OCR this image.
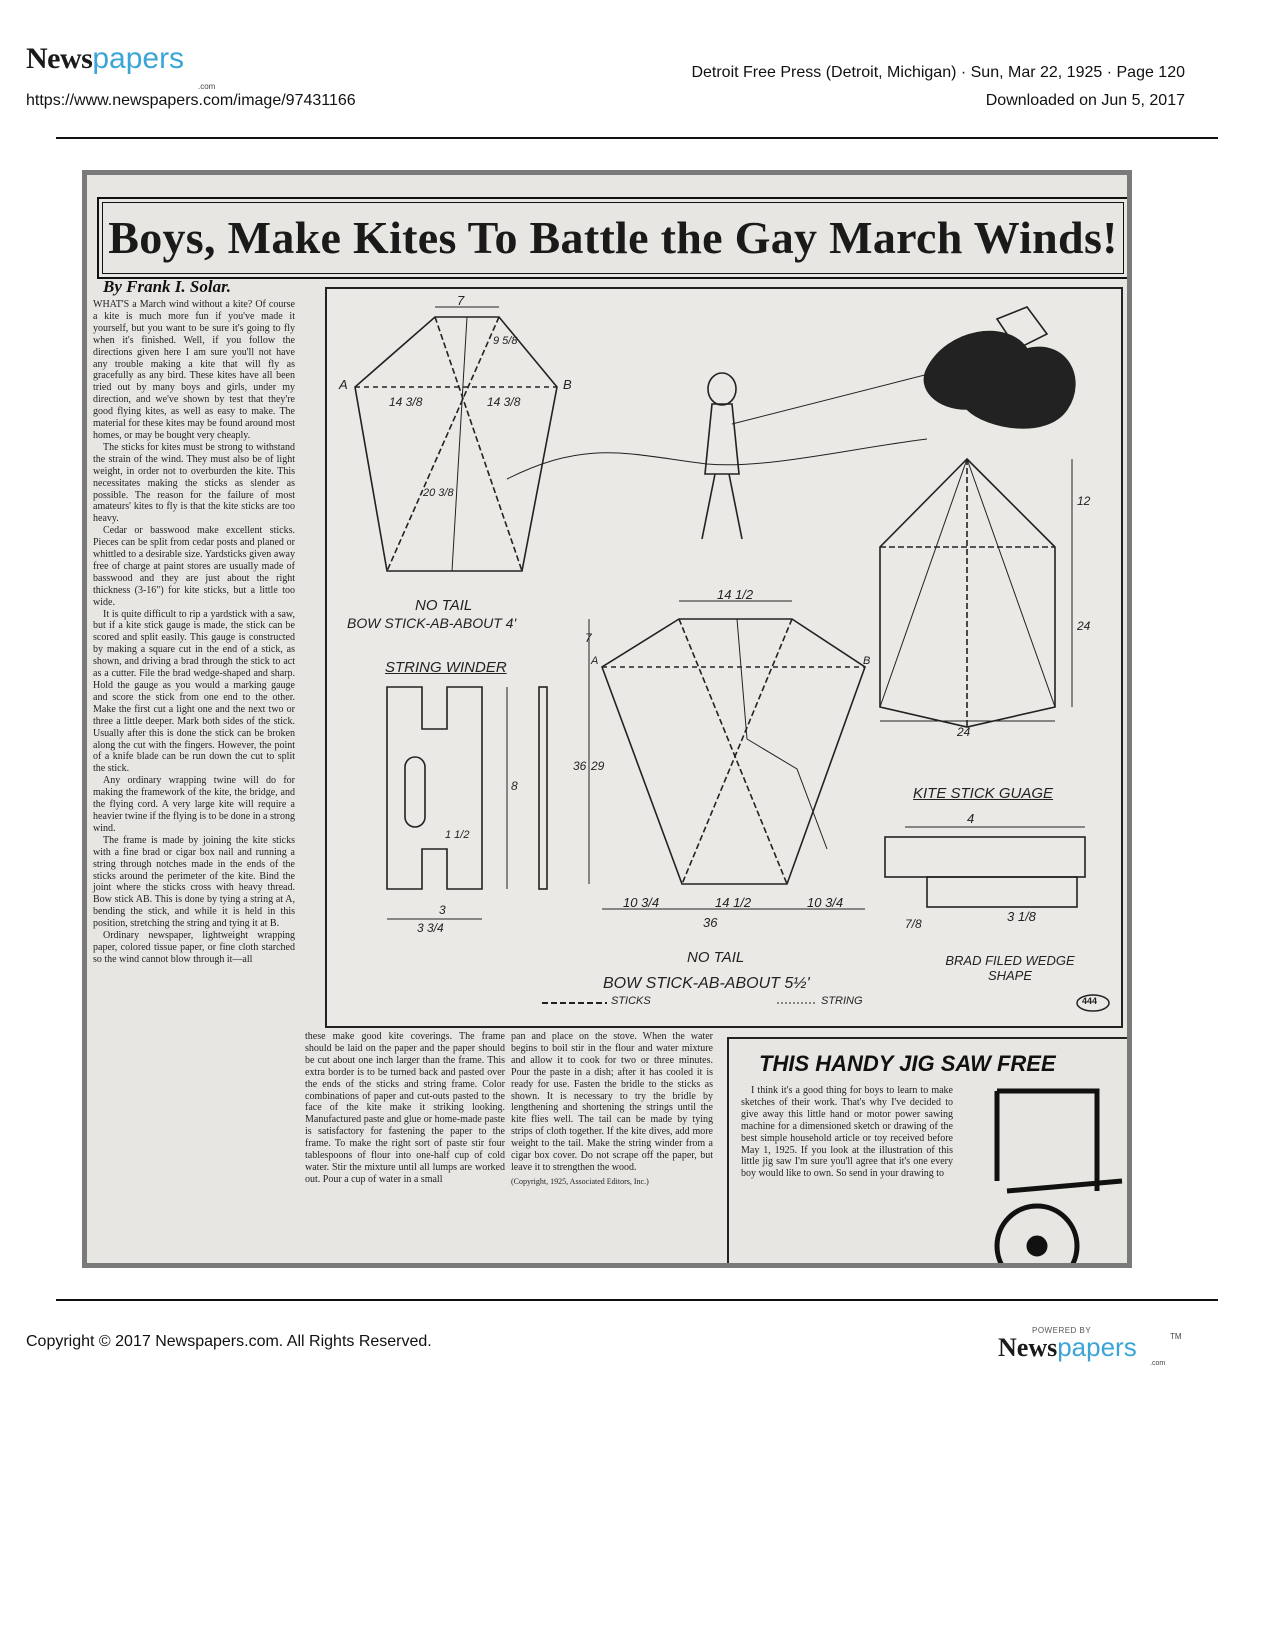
Newspapers
.com
https://www.newspapers.com/image/97431166
Detroit Free Press (Detroit, Michigan) · Sun, Mar 22, 1925 · Page 120
Downloaded on Jun 5, 2017
Boys, Make Kites To Battle the Gay March Winds!
By Frank I. Solar.

WHAT'S a March wind without a kite? Of course a kite is much more fun if you've made it yourself, but you want to be sure it's going to fly when it's finished. Well, if you follow the directions given here I am sure you'll not have any trouble making a kite that will fly as gracefully as any bird. These kites have all been tried out by many boys and girls, under my direction, and we've shown by test that they're good flying kites, as well as easy to make. The material for these kites may be found around most homes, or may be bought very cheaply.

The sticks for kites must be strong to withstand the strain of the wind. They must also be of light weight, in order not to overburden the kite. This necessitates making the sticks as slender as possible. The reason for the failure of most amateurs' kites to fly is that the kite sticks are too heavy.

Cedar or basswood make excellent sticks. Pieces can be split from cedar posts and planed or whittled to a desirable size. Yardsticks given away free of charge at paint stores are usually made of basswood and they are just about the right thickness (3-16") for kite sticks, but a little too wide.

It is quite difficult to rip a yardstick with a saw, but if a kite stick gauge is made, the stick can be scored and split easily. This gauge is constructed by making a square cut in the end of a stick, as shown, and driving a brad through the stick to act as a cutter. File the brad wedge-shaped and sharp. Hold the gauge as you would a marking gauge and score the stick from one end to the other. Make the first cut a light one and the next two or three a little deeper. Mark both sides of the stick. Usually after this is done the stick can be broken along the cut with the fingers. However, the point of a knife blade can be run down the cut to split the stick.

Any ordinary wrapping twine will do for making the framework of the kite, the bridge, and the flying cord. A very large kite will require a heavier twine if the flying is to be done in a strong wind.

The frame is made by joining the kite sticks with a fine brad or cigar box nail and running a string through notches made in the ends of the sticks around the perimeter of the kite. Bind the joint where the sticks cross with heavy thread. Bow stick AB. This is done by tying a string at A, bending the stick, and while it is held in this position, stretching the string and tying it at B.

Ordinary newspaper, lightweight wrapping paper, colored tissue paper, or fine cloth starched so the wind cannot blow through it—all

7
A	B
14 3/8	14 3/8
9 5/8
20 3/8
NO TAIL
BOW STICK-AB-ABOUT 4'
STRING WINDER
8
3 3/4
3
1 1/2
14 1/2
7
29
36
A	B
10 3/4	14 1/2	10 3/4
36
NO TAIL
BOW STICK-AB-ABOUT 5½'
12
24
24
KITE STICK GUAGE
4
3 1/8
7/8
BRAD FILED WEDGE SHAPE
STICKS	STRING	444

these make good kite coverings. The frame should be laid on the paper and the paper should be cut about one inch larger than the frame. This extra border is to be turned back and pasted over the ends of the sticks and string frame. Color combinations of paper and cut-outs pasted to the face of the kite make it striking looking. Manufactured paste and glue or home-made paste is satisfactory for fastening the paper to the frame. To make the right sort of paste stir four tablespoons of flour into one-half cup of cold water. Stir the mixture until all lumps are worked out. Pour a cup of water in a small

pan and place on the stove. When the water begins to boil stir in the flour and water mixture and allow it to cook for two or three minutes. Pour the paste in a dish; after it has cooled it is ready for use. Fasten the bridle to the sticks as shown. It is necessary to try the bridle by lengthening and shortening the strings until the kite flies well. The tail can be made by tying strips of cloth together. If the kite dives, add more weight to the tail. Make the string winder from a cigar box cover. Do not scrape off the paper, but leave it to strengthen the wood.

(Copyright, 1925, Associated Editors, Inc.)

THIS HANDY JIG SAW FREE

I think it's a good thing for boys to learn to make sketches of their work. That's why I've decided to give away this little hand or motor power sawing machine for a dimensioned sketch or drawing of the best simple household article or toy received before May 1, 1925. If you look at the illustration of this little jig saw I'm sure you'll agree that it's one every boy would like to own. So send in your drawing to

Copyright © 2017 Newspapers.com. All Rights Reserved.
POWERED BY
Newspapers	TM
.com
